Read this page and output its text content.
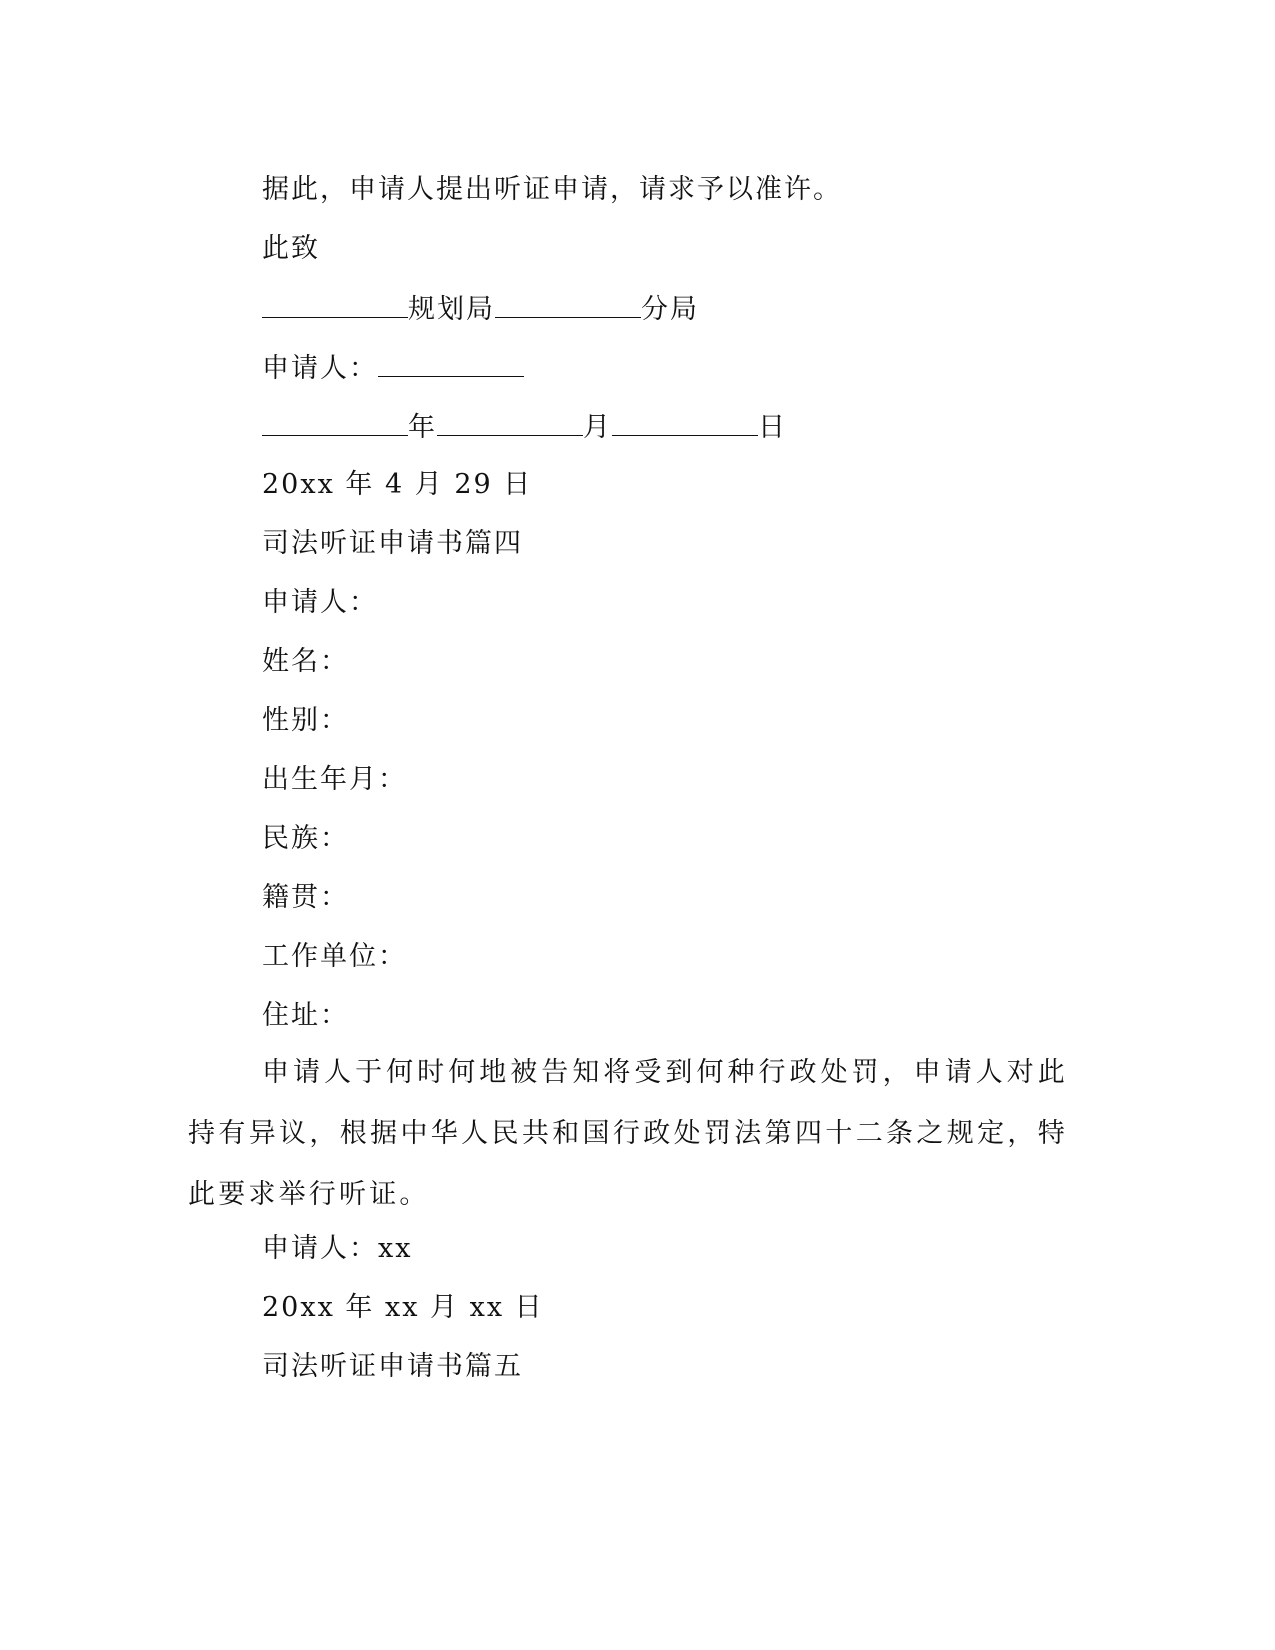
据此，申请人提出听证申请，请求予以准许。
此致
规划局	分局
申请人：
年	月	日
20xx 年 4 月 29 日
司法听证申请书篇四
申请人：
姓名：
性别：
出生年月：
民族：
籍贯：
工作单位：
住址：
申请人于何时何地被告知将受到何种行政处罚，申请人对此持有异议，根据中华人民共和国行政处罚法第四十二条之规定，特此要求举行听证。
申请人：xx
20xx 年 xx 月 xx 日
司法听证申请书篇五
